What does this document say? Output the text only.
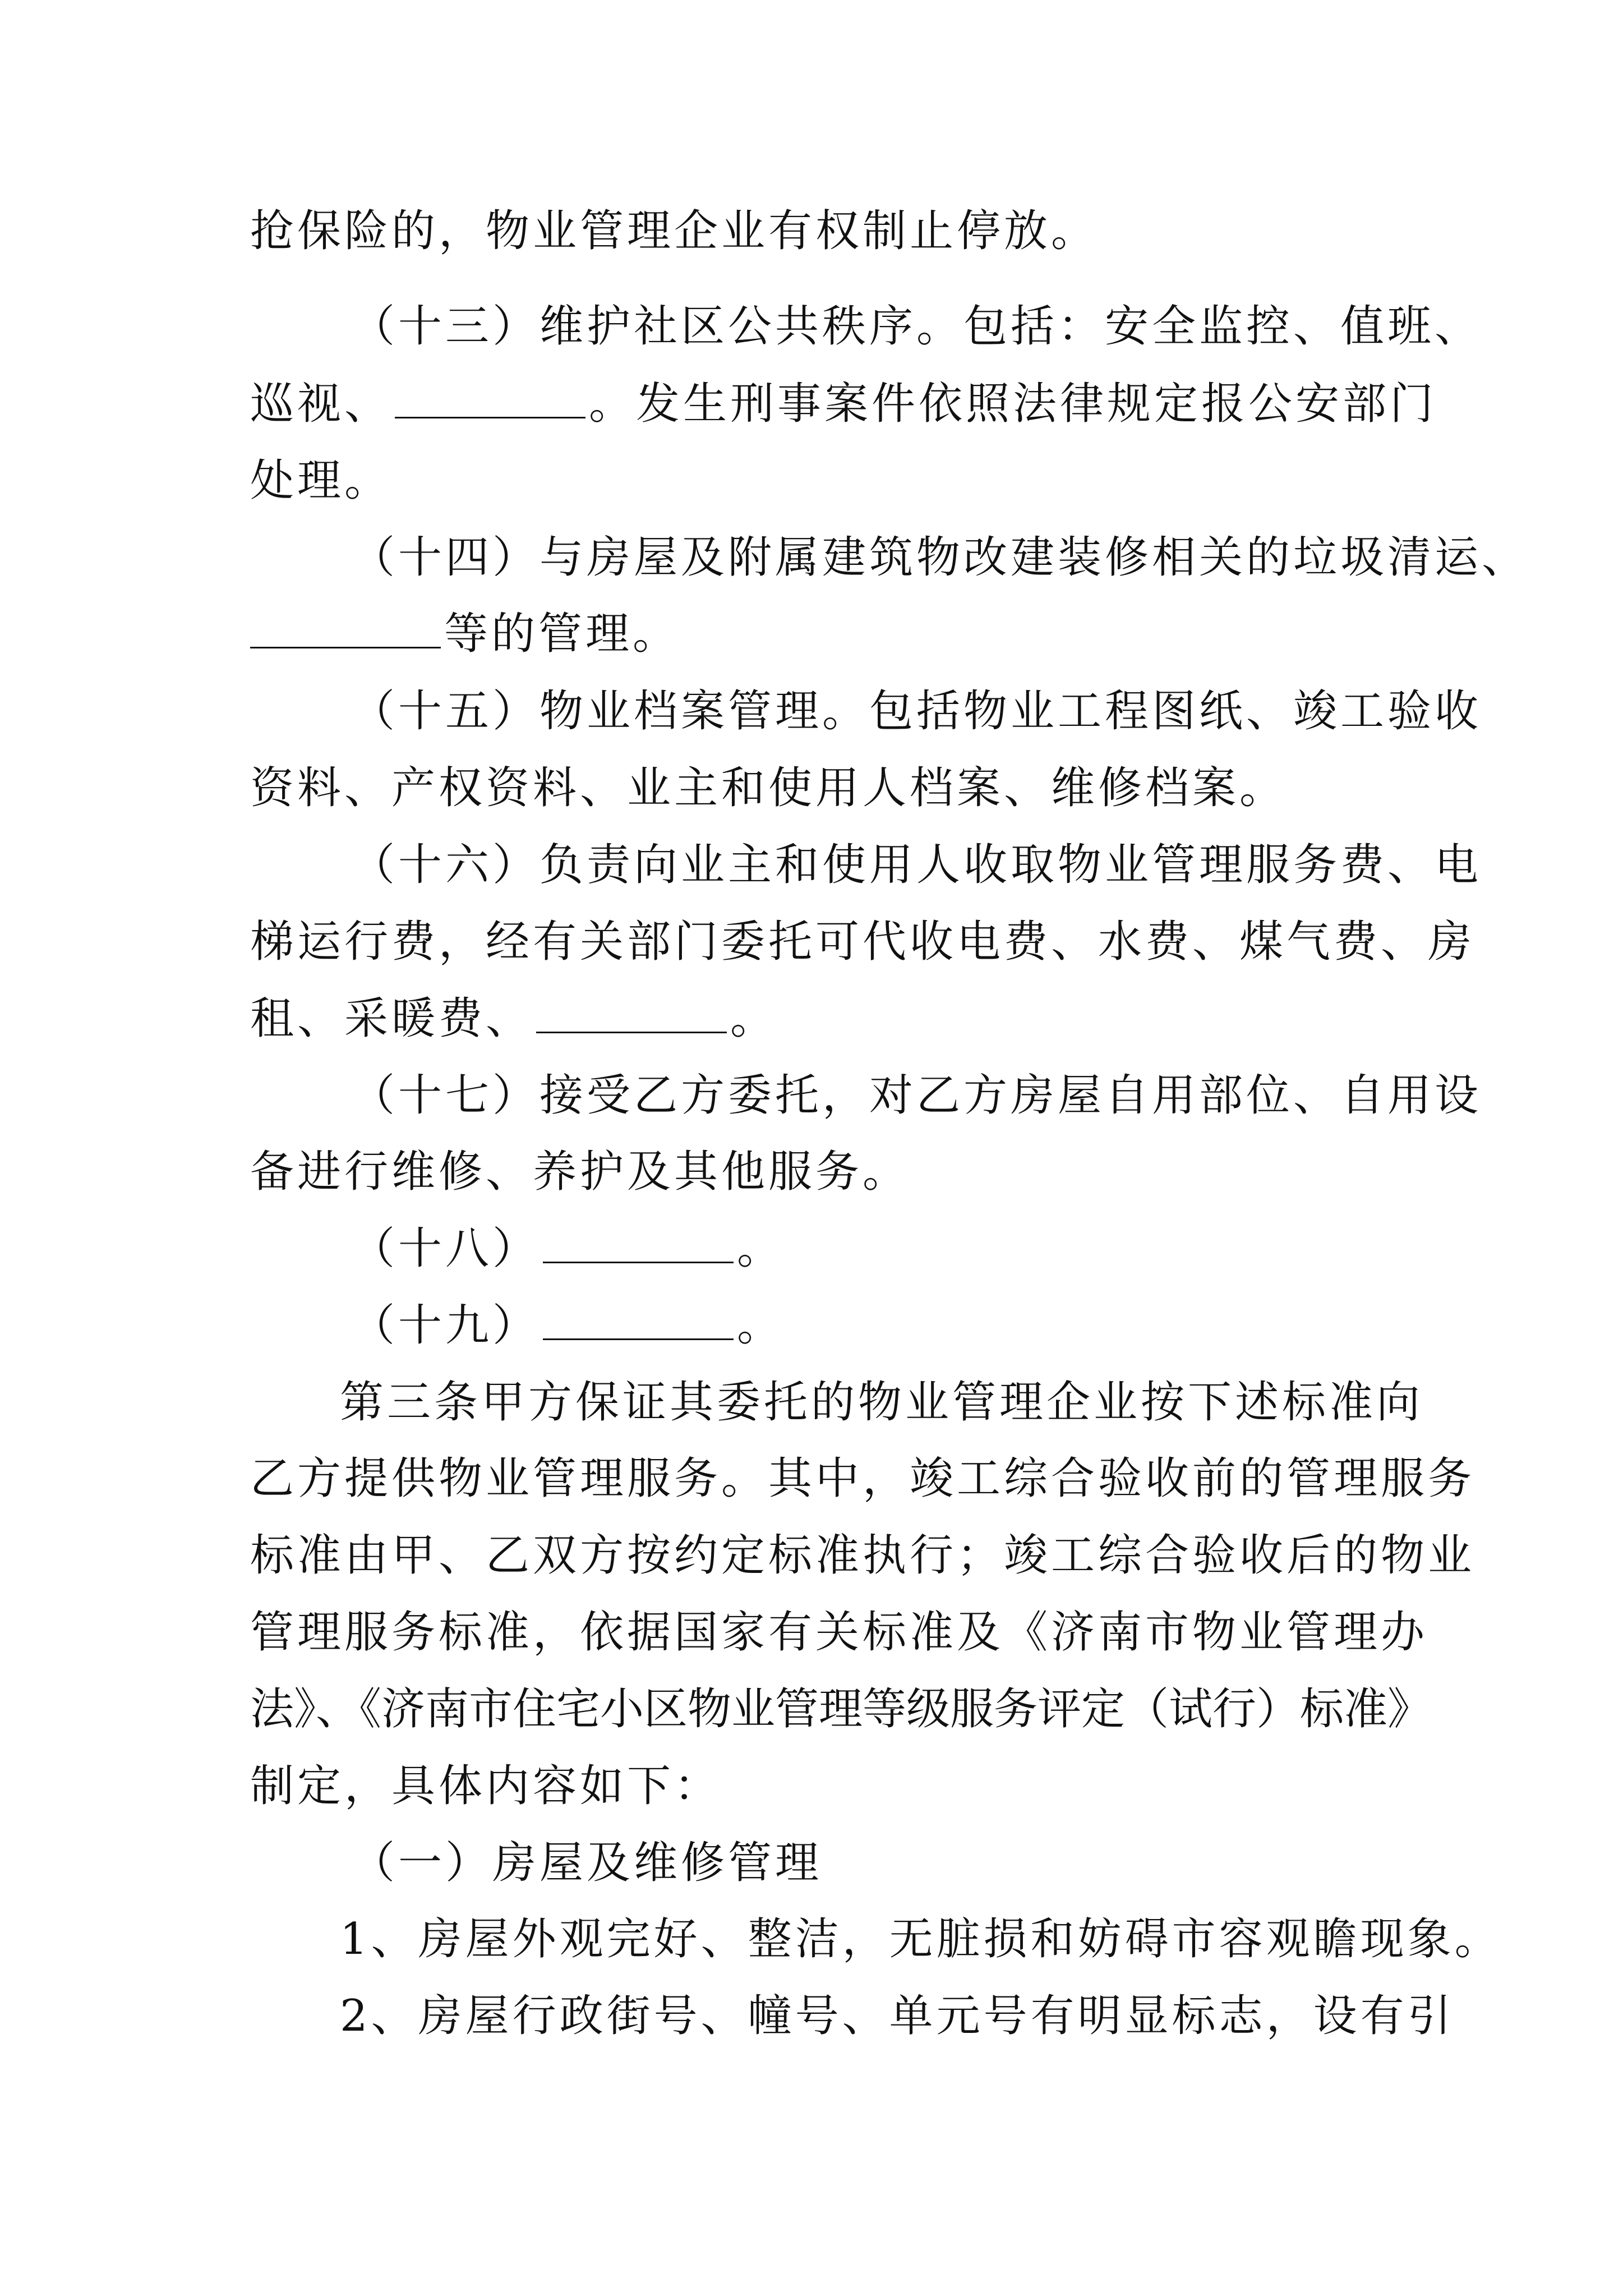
抢保险的，物业管理企业有权制止停放。
（十三）维护社区公共秩序。包括：安全监控、值班、
巡视、	。发生刑事案件依照法律规定报公安部门
处理。
（十四）与房屋及附属建筑物改建装修相关的垃圾清运、
等的管理。
（十五）物业档案管理。包括物业工程图纸、竣工验收
资料、产权资料、业主和使用人档案、维修档案。
（十六）负责向业主和使用人收取物业管理服务费、电
梯运行费，经有关部门委托可代收电费、水费、煤气费、房
租、采暖费、	。
（十七）接受乙方委托，对乙方房屋自用部位、自用设
备进行维修、养护及其他服务。
（十八）	。
（十九）	。
第三条甲方保证其委托的物业管理企业按下述标准向
乙方提供物业管理服务。其中，竣工综合验收前的管理服务
标准由甲、乙双方按约定标准执行；竣工综合验收后的物业
管理服务标准，依据国家有关标准及《济南市物业管理办
法》、《济南市住宅小区物业管理等级服务评定（试行）标准》
制定，具体内容如下：
（一）房屋及维修管理
1、房屋外观完好、整洁，无脏损和妨碍市容观瞻现象。
2、房屋行政街号、幢号、单元号有明显标志，设有引
